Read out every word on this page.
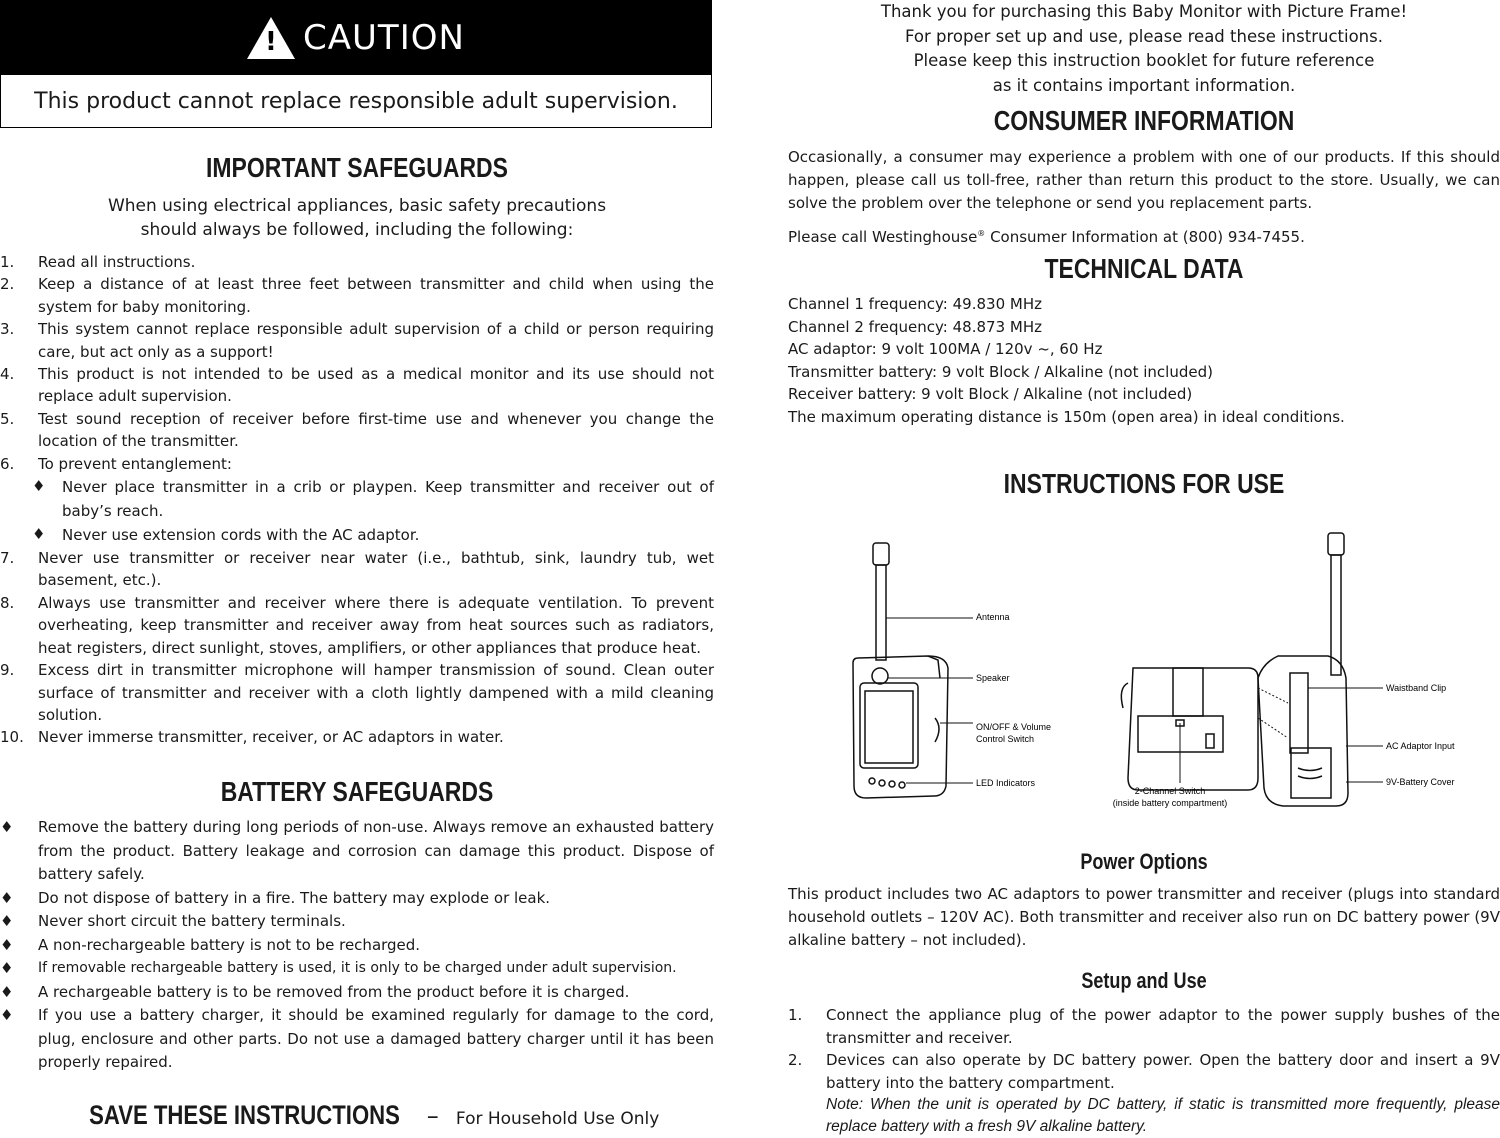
! CAUTION
This product cannot replace responsible adult supervision.
IMPORTANT SAFEGUARDS
When using electrical appliances, basic safety precautions
should always be followed, including the following:
1.	Read all instructions.
2.	Keep a distance of at least three feet between transmitter and child when using the system for baby monitoring.
3.	This system cannot replace responsible adult supervision of a child or person requiring care, but act only as a support!
4.	This product is not intended to be used as a medical monitor and its use should not replace adult supervision.
5.	Test sound reception of receiver before first-time use and whenever you change the location of the transmitter.
6.	To prevent entanglement:
♦	Never place transmitter in a crib or playpen. Keep transmitter and receiver out of baby’s reach.
♦	Never use extension cords with the AC adaptor.
7.	Never use transmitter or receiver near water (i.e., bathtub, sink, laundry tub, wet basement, etc.).
8.	Always use transmitter and receiver where there is adequate ventilation. To prevent overheating, keep transmitter and receiver away from heat sources such as radiators, heat registers, direct sunlight, stoves, amplifiers, or other appliances that produce heat.
9.	Excess dirt in transmitter microphone will hamper transmission of sound. Clean outer surface of transmitter and receiver with a cloth lightly dampened with a mild cleaning solution.
10. Never immerse transmitter, receiver, or AC adaptors in water.
BATTERY SAFEGUARDS
♦	Remove the battery during long periods of non-use. Always remove an exhausted battery from the product. Battery leakage and corrosion can damage this product. Dispose of battery safely.
♦	Do not dispose of battery in a fire. The battery may explode or leak.
♦	Never short circuit the battery terminals.
♦	A non-rechargeable battery is not to be recharged.
♦	If removable rechargeable battery is used, it is only to be charged under adult supervision.
♦	A rechargeable battery is to be removed from the product before it is charged.
♦	If you use a battery charger, it should be examined regularly for damage to the cord, plug, enclosure and other parts. Do not use a damaged battery charger until it has been properly repaired.
SAVE THESE INSTRUCTIONS – For Household Use Only
Thank you for purchasing this Baby Monitor with Picture Frame!
For proper set up and use, please read these instructions.
Please keep this instruction booklet for future reference
as it contains important information.
CONSUMER INFORMATION
Occasionally, a consumer may experience a problem with one of our products. If this should happen, please call us toll-free, rather than return this product to the store. Usually, we can solve the problem over the telephone or send you replacement parts.
Please call Westinghouse® Consumer Information at (800) 934-7455.
TECHNICAL DATA
Channel 1 frequency: 49.830 MHz
Channel 2 frequency: 48.873 MHz
AC adaptor: 9 volt 100MA / 120v ~, 60 Hz
Transmitter battery: 9 volt Block / Alkaline (not included)
Receiver battery: 9 volt Block / Alkaline (not included)
The maximum operating distance is 150m (open area) in ideal conditions.
INSTRUCTIONS FOR USE
Antenna
Speaker
ON/OFF & Volume
Control Switch
LED Indicators
2-Channel Switch
(inside battery compartment)
Waistband Clip
AC Adaptor Input
9V-Battery Cover
Power Options
This product includes two AC adaptors to power transmitter and receiver (plugs into standard household outlets – 120V AC). Both transmitter and receiver also run on DC battery power (9V alkaline battery – not included).
Setup and Use
1.	Connect the appliance plug of the power adaptor to the power supply bushes of the transmitter and receiver.
2.	Devices can also operate by DC battery power. Open the battery door and insert a 9V battery into the battery compartment.
Note: When the unit is operated by DC battery, if static is transmitted more frequently, please replace battery with a fresh 9V alkaline battery.
